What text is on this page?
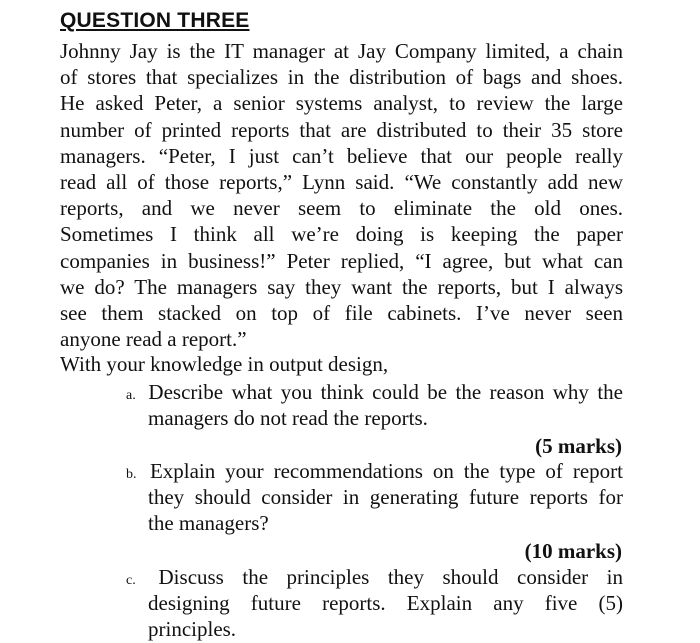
QUESTION THREE
Johnny Jay is the IT manager at Jay Company limited, a chain
of stores that specializes in the distribution of bags and shoes.
He asked Peter, a senior systems analyst, to review the large
number of printed reports that are distributed to their 35 store
managers. “Peter, I just can’t believe that our people really
read all of those reports,” Lynn said. “We constantly add new
reports, and we never seem to eliminate the old ones.
Sometimes I think all we’re doing is keeping the paper
companies in business!” Peter replied, “I agree, but what can
we do? The managers say they want the reports, but I always
see them stacked on top of file cabinets. I’ve never seen
anyone read a report.”
With your knowledge in output design,
a. Describe what you think could be the reason why the
managers do not read the reports.
(5 marks)
b. Explain your recommendations on the type of report
they should consider in generating future reports for
the managers?
(10 marks)
c. Discuss the principles they should consider in
designing future reports. Explain any five (5)
principles.
